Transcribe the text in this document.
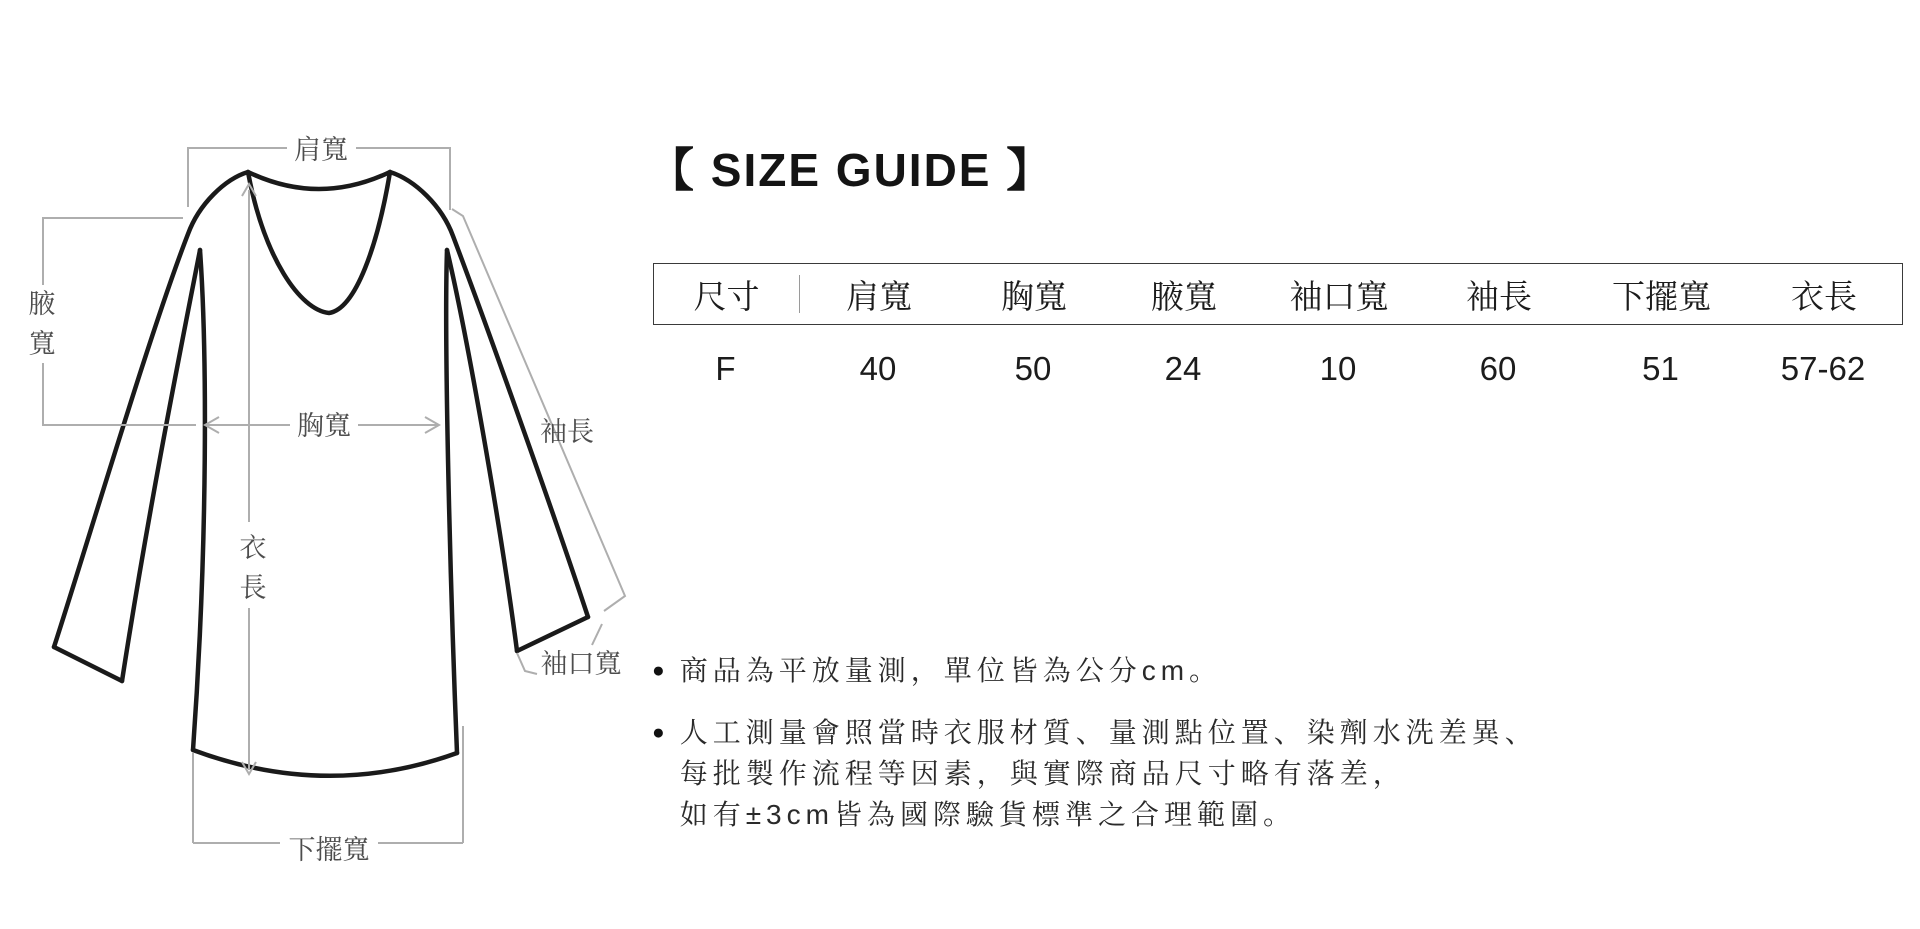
肩寬
腋
寬
胸寬	袖長
衣
長
袖口寬
下擺寬
【 SIZE GUIDE 】
尺寸	肩寬	胸寬	腋寬	袖口寬	袖長	下擺寬	衣長
F	40	50	24	10	60	51	57-62
● 商品為平放量測，單位皆為公分cm。
● 人工測量會照當時衣服材質、量測點位置、染劑水洗差異、
每批製作流程等因素，與實際商品尺寸略有落差，
如有±3cm皆為國際驗貨標準之合理範圍。
